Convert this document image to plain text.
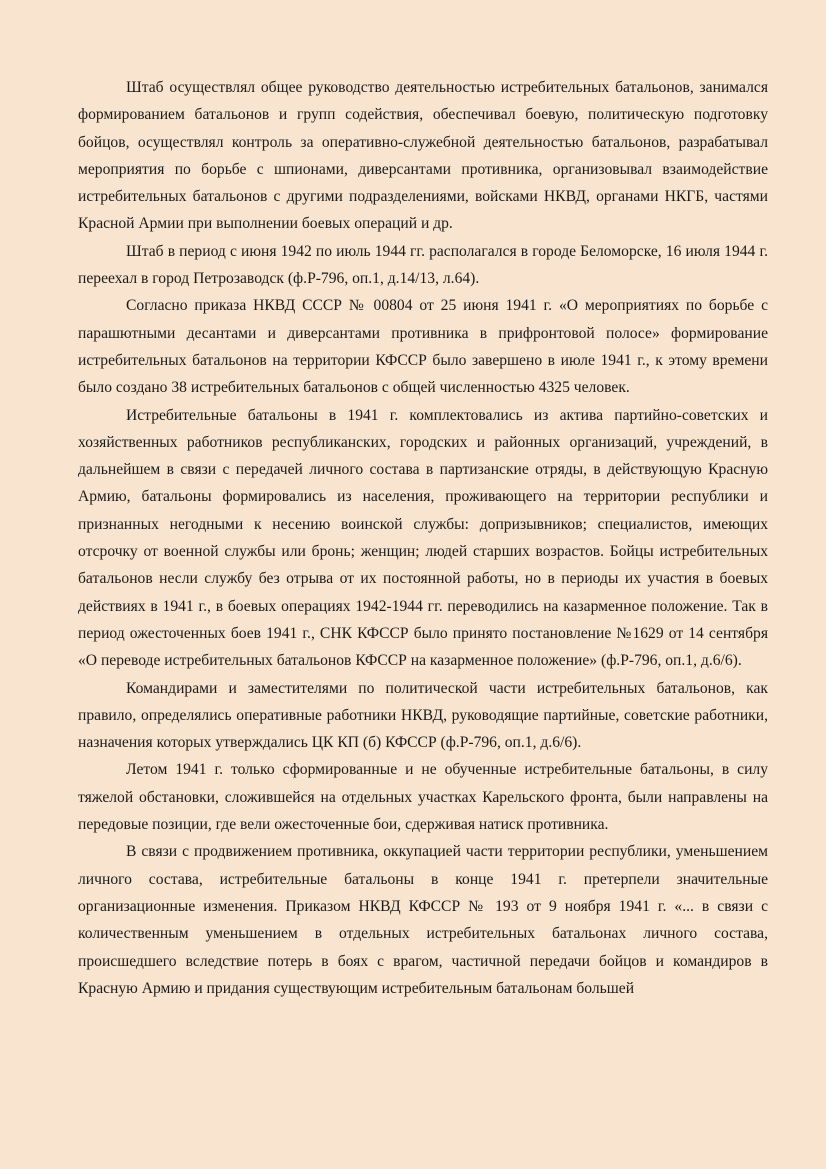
Штаб осуществлял общее руководство деятельностью истребительных батальонов, занимался формированием батальонов и групп содействия, обеспечивал боевую, политическую подготовку бойцов, осуществлял контроль за оперативно-служебной деятельностью батальонов, разрабатывал мероприятия по борьбе с шпионами, диверсантами противника, организовывал взаимодействие истребительных батальонов с другими подразделениями, войсками НКВД, органами НКГБ, частями Красной Армии при выполнении боевых операций и др.

Штаб в период с июня 1942 по июль 1944 гг. располагался в городе Беломорске, 16 июля 1944 г. переехал в город Петрозаводск (ф.Р-796, оп.1, д.14/13, л.64).

Согласно приказа НКВД СССР № 00804 от 25 июня 1941 г. «О мероприятиях по борьбе с парашютными десантами и диверсантами противника в прифронтовой полосе» формирование истребительных батальонов на территории КФССР было завершено в июле 1941 г., к этому времени было создано 38 истребительных батальонов с общей численностью 4325 человек.

Истребительные батальоны в 1941 г. комплектовались из актива партийно-советских и хозяйственных работников республиканских, городских и районных организаций, учреждений, в дальнейшем в связи с передачей личного состава в партизанские отряды, в действующую Красную Армию, батальоны формировались из населения, проживающего на территории республики и признанных негодными к несению воинской службы: допризывников; специалистов, имеющих отсрочку от военной службы или бронь; женщин; людей старших возрастов. Бойцы истребительных батальонов несли службу без отрыва от их постоянной работы, но в периоды их участия в боевых действиях в 1941 г., в боевых операциях 1942-1944 гг. переводились на казарменное положение. Так в период ожесточенных боев 1941 г., СНК КФССР было принято постановление №1629 от 14 сентября «О переводе истребительных батальонов КФССР на казарменное положение» (ф.Р-796, оп.1, д.6/6).

Командирами и заместителями по политической части истребительных батальонов, как правило, определялись оперативные работники НКВД, руководящие партийные, советские работники, назначения которых утверждались ЦК КП (б) КФССР (ф.Р-796, оп.1, д.6/6).

Летом 1941 г. только сформированные и не обученные истребительные батальоны, в силу тяжелой обстановки, сложившейся на отдельных участках Карельского фронта, были направлены на передовые позиции, где вели ожесточенные бои, сдерживая натиск противника.

В связи с продвижением противника, оккупацией части территории республики, уменьшением личного состава, истребительные батальоны в конце 1941 г. претерпели значительные организационные изменения. Приказом НКВД КФССР № 193 от 9 ноября 1941 г. «... в связи с количественным уменьшением в отдельных истребительных батальонах личного состава, происшедшего вследствие потерь в боях с врагом, частичной передачи бойцов и командиров в Красную Армию и придания существующим истребительным батальонам большей
